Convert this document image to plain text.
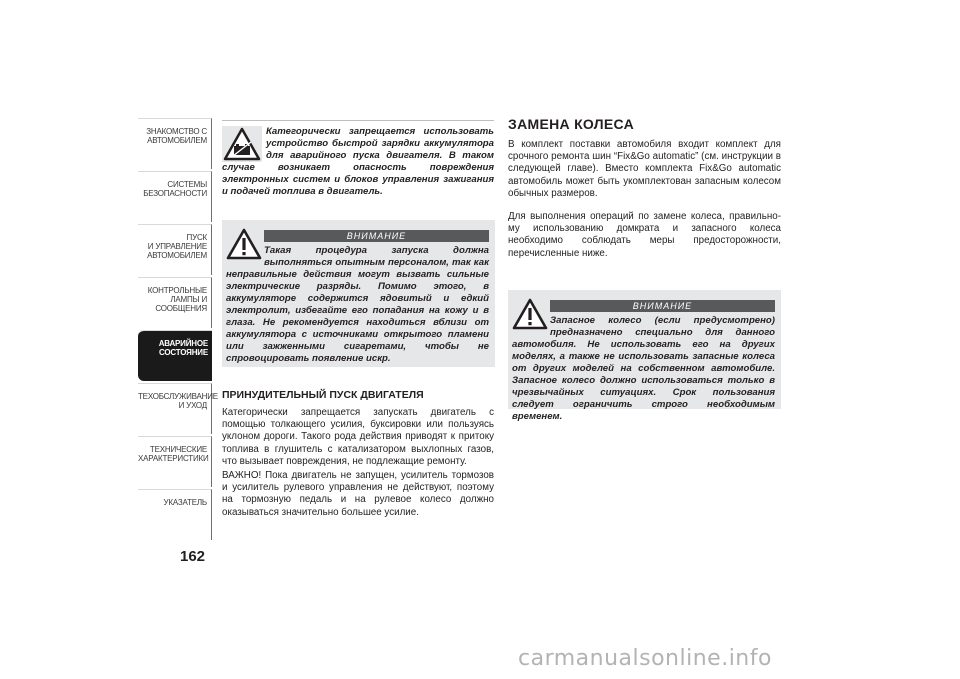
ЗНАКОМСТВО С
АВТОМОБИЛЕМ
СИСТЕМЫ
БЕЗОПАСНОСТИ
ПУСК
И УПРАВЛЕНИЕ
АВТОМОБИЛЕМ
КОНТРОЛЬНЫЕ
ЛАМПЫ И
СООБЩЕНИЯ
АВАРИЙНОЕ
СОСТОЯНИЕ
ТЕХОБСЛУЖИВАНИЕ
И УХОД
ТЕХНИЧЕСКИЕ
ХАРАКТЕРИСТИКИ
УКАЗАТЕЛЬ
162
Категорически запрещается использовать устройство быстрой зарядки аккумулятора для аварийного пуска двигателя. В таком случае возникает опасность повреждения электронных систем и блоков управления зажигания и подачей топлива в двигатель.
ВНИМАНИЕ
Такая процедура запуска должна выполняться опытным персоналом, так как неправильные действия могут вызвать сильные электрические разряды. Помимо этого, в аккумуляторе содержится ядовитый и едкий электролит, избегайте его попадания на кожу и в глаза. Не рекомендуется находиться вблизи от аккумулятора с источниками открытого пламени или зажженными сигаретами, чтобы не спровоцировать появление искр.
ПРИНУДИТЕЛЬНЫЙ ПУСК ДВИГАТЕЛЯ
Категорически запрещается запускать двигатель с помощью толкающего усилия, буксировки или пользуясь уклоном дороги. Такого рода действия приводят к притоку топлива в глушитель с катализатором выхлопных газов, что вызывает повреждения, не подлежащие ремонту.
ВАЖНО! Пока двигатель не запущен, усилитель тормозов и усилитель рулевого управления не действуют, поэтому на тормозную педаль и на рулевое колесо должно оказываться значительно большее усилие.
ЗАМЕНА КОЛЕСА
В комплект поставки автомобиля входит комплект для срочного ремонта шин “Fix&Go automatic” (см. инструкции в следующей главе). Вместо комплекта Fix&Go automatic автомобиль может быть укомплектован запасным колесом обычных размеров.
Для выполнения операций по замене колеса, правильно-му использованию домкрата и запасного колеса необходимо соблюдать меры предосторожности, перечисленные ниже.
ВНИМАНИЕ
Запасное колесо (если предусмотрено) предназначено специально для данного автомобиля. Не использовать его на других моделях, а также не использовать запасные колеса от других моделей на собственном автомобиле. Запасное колесо должно использоваться только в чрезвычайных ситуациях. Срок пользования следует ограничить строго необходимым временем.
carmanualsonline.info
